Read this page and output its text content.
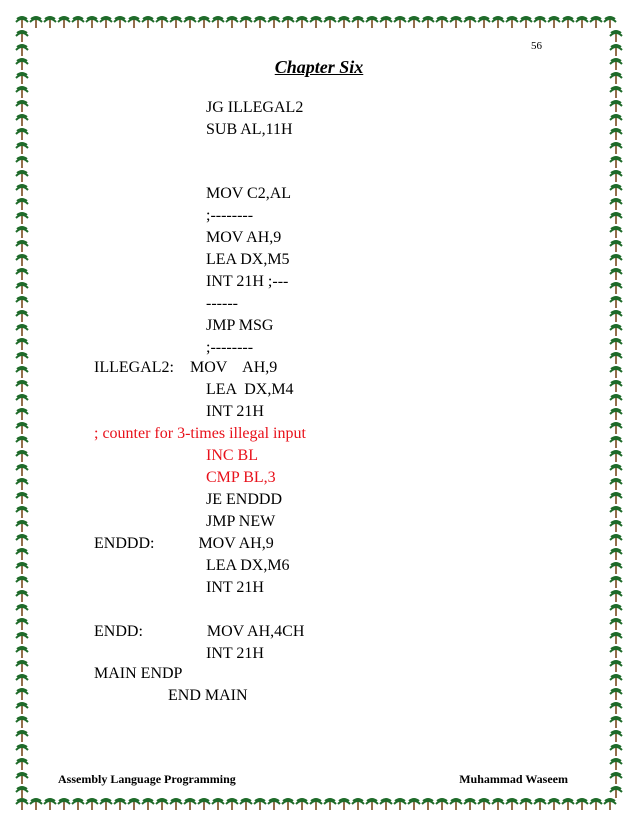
56
Chapter Six
JG ILLEGAL2
SUB AL,11H
MOV C2,AL
;--------
MOV AH,9
LEA DX,M5
INT 21H ;---
------
JMP MSG
;--------
ILLEGAL2:    MOV    AH,9
LEA  DX,M4
INT 21H
; counter for 3-times illegal input
INC BL
CMP BL,3
JE ENDDD
JMP NEW
ENDDD:           MOV AH,9
LEA DX,M6
INT 21H
ENDD:                MOV AH,4CH
INT 21H
MAIN ENDP
END MAIN
Assembly Language Programming	Muhammad Waseem
